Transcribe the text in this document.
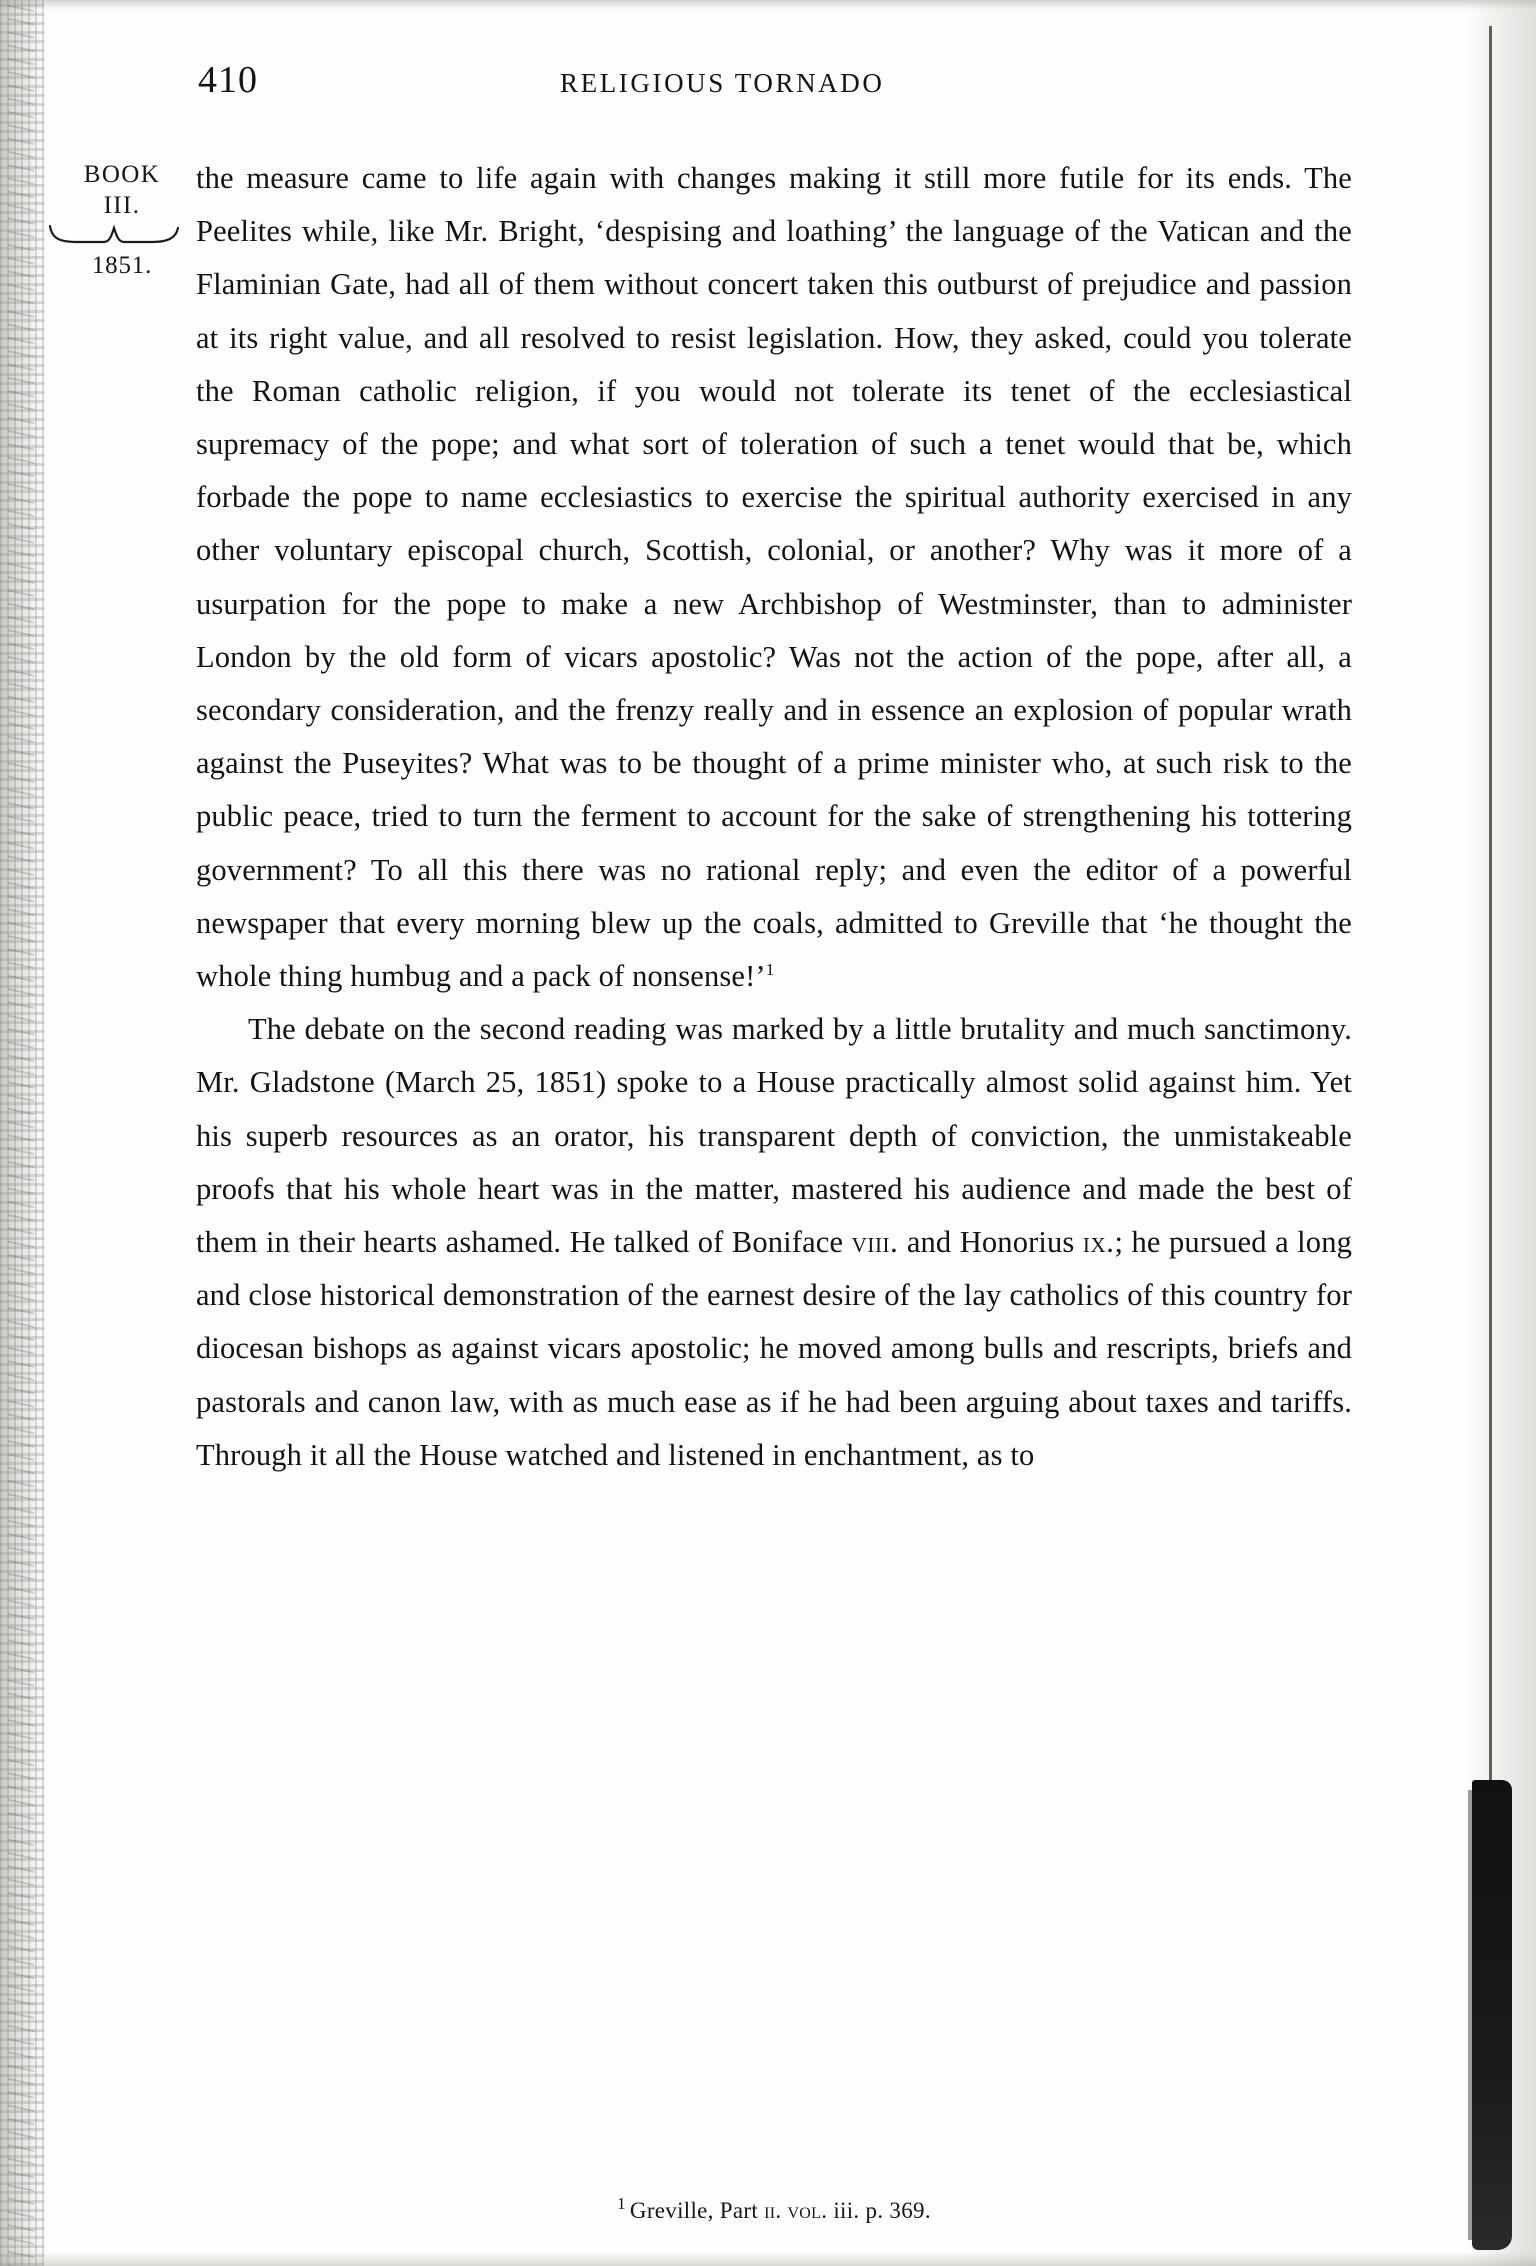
410	RELIGIOUS TORNADO
BOOK
III.
1851.

the measure came to life again with changes making it still more futile for its ends. The Peelites while, like Mr. Bright, ‘despising and loathing’ the language of the Vatican and the Flaminian Gate, had all of them without concert taken this outburst of prejudice and passion at its right value, and all resolved to resist legislation. How, they asked, could you tolerate the Roman catholic religion, if you would not tolerate its tenet of the ecclesiastical supremacy of the pope; and what sort of toleration of such a tenet would that be, which forbade the pope to name ecclesiastics to exercise the spiritual authority exercised in any other voluntary episcopal church, Scottish, colonial, or another? Why was it more of a usurpation for the pope to make a new Archbishop of Westminster, than to administer London by the old form of vicars apostolic? Was not the action of the pope, after all, a secondary consideration, and the frenzy really and in essence an explosion of popular wrath against the Puseyites? What was to be thought of a prime minister who, at such risk to the public peace, tried to turn the ferment to account for the sake of strengthening his tottering government? To all this there was no rational reply; and even the editor of a powerful newspaper that every morning blew up the coals, admitted to Greville that ‘he thought the whole thing humbug and a pack of nonsense!’$^1$

The debate on the second reading was marked by a little brutality and much sanctimony. Mr. Gladstone (March 25, 1851) spoke to a House practically almost solid against him. Yet his superb resources as an orator, his transparent depth of conviction, the unmistakeable proofs that his whole heart was in the matter, mastered his audience and made the best of them in their hearts ashamed. He talked of Boniface viii. and Honorius ix.; he pursued a long and close historical demonstration of the earnest desire of the lay catholics of this country for diocesan bishops as against vicars apostolic; he moved among bulls and rescripts, briefs and pastorals and canon law, with as much ease as if he had been arguing about taxes and tariffs. Through it all the House watched and listened in enchantment, as to

$^1$ Greville, Part ii. vol. iii. p. 369.
